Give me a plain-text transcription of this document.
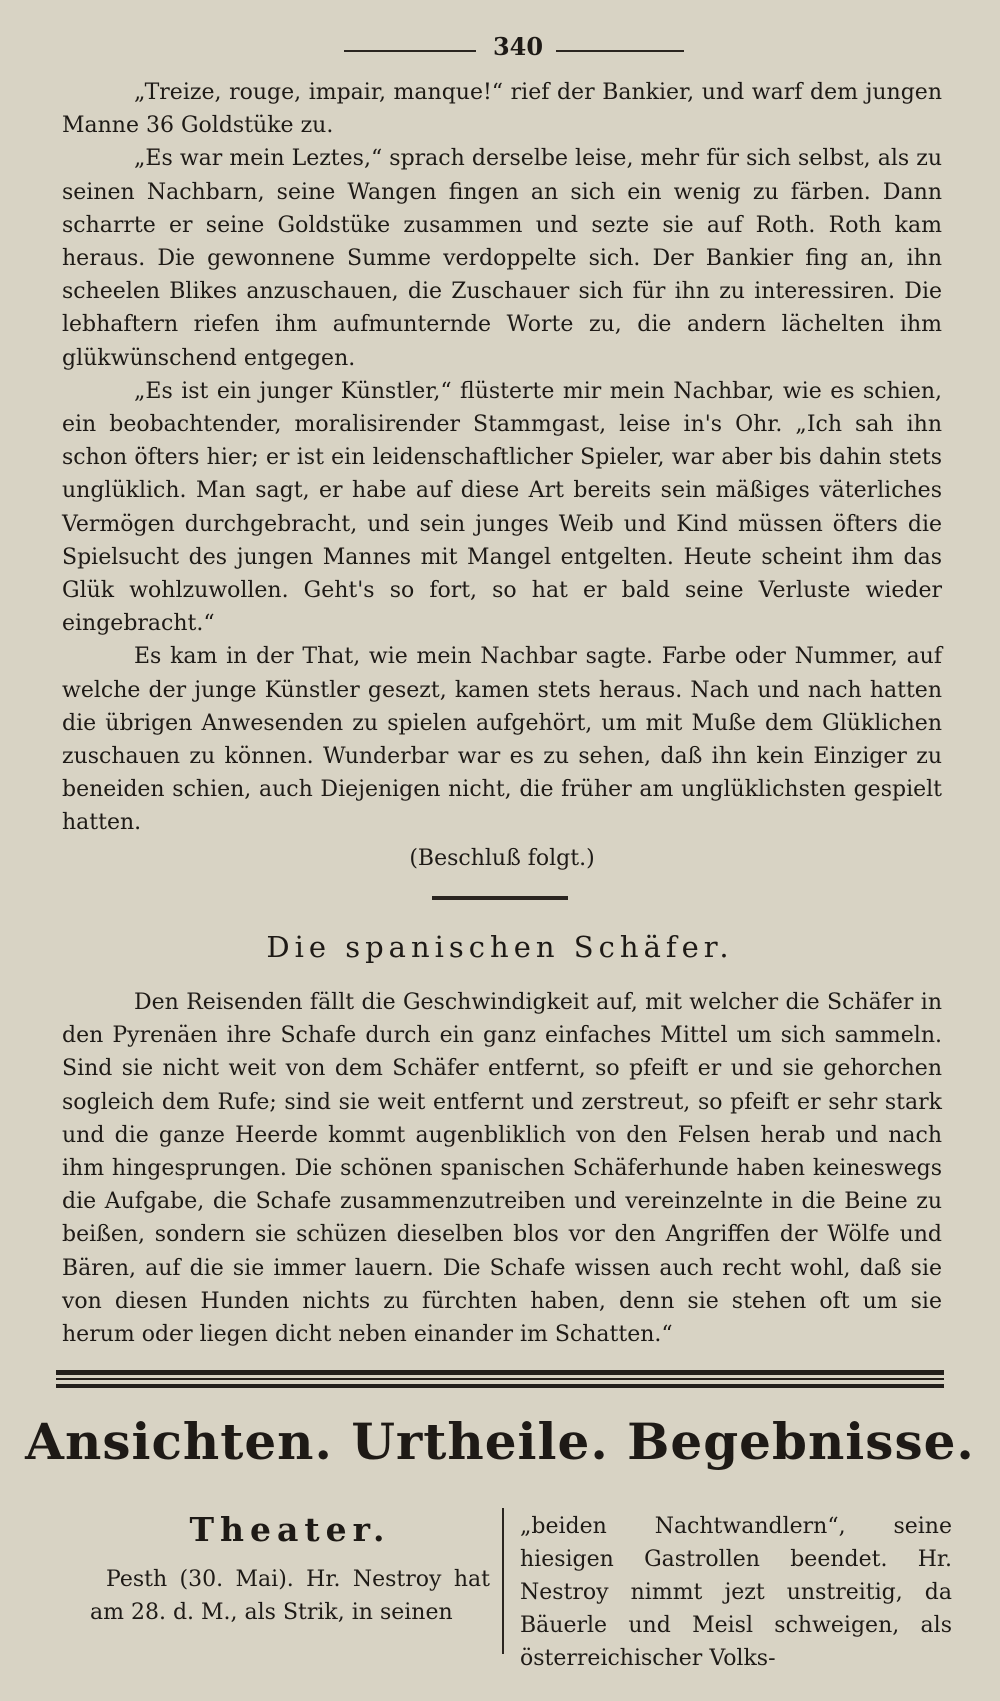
340

„Treize, rouge, impair, manque!“ rief der Bankier, und warf dem jungen Manne 36 Goldstüke zu.

„Es war mein Leztes,“ sprach derselbe leise, mehr für sich selbst, als zu seinen Nachbarn, seine Wangen fingen an sich ein wenig zu färben. Dann scharrte er seine Goldstüke zusammen und sezte sie auf Roth. Roth kam heraus. Die gewonnene Summe verdoppelte sich. Der Bankier fing an, ihn scheelen Blikes anzuschauen, die Zuschauer sich für ihn zu interessiren. Die lebhaftern riefen ihm aufmunternde Worte zu, die andern lächelten ihm glükwünschend entgegen.

„Es ist ein junger Künstler,“ flüsterte mir mein Nachbar, wie es schien, ein beobachtender, moralisirender Stammgast, leise in's Ohr. „Ich sah ihn schon öfters hier; er ist ein leidenschaftlicher Spieler, war aber bis dahin stets unglüklich. Man sagt, er habe auf diese Art bereits sein mäßiges väterliches Vermögen durchgebracht, und sein junges Weib und Kind müssen öfters die Spielsucht des jungen Mannes mit Mangel entgelten. Heute scheint ihm das Glük wohlzuwollen. Geht's so fort, so hat er bald seine Verluste wieder eingebracht.“

Es kam in der That, wie mein Nachbar sagte. Farbe oder Nummer, auf welche der junge Künstler gesezt, kamen stets heraus. Nach und nach hatten die übrigen Anwesenden zu spielen aufgehört, um mit Muße dem Glüklichen zuschauen zu können. Wunderbar war es zu sehen, daß ihn kein Einziger zu beneiden schien, auch Diejenigen nicht, die früher am unglüklichsten gespielt hatten.

(Beschluß folgt.)

Die spanischen Schäfer.

Den Reisenden fällt die Geschwindigkeit auf, mit welcher die Schäfer in den Pyrenäen ihre Schafe durch ein ganz einfaches Mittel um sich sammeln. Sind sie nicht weit von dem Schäfer entfernt, so pfeift er und sie gehorchen sogleich dem Rufe; sind sie weit entfernt und zerstreut, so pfeift er sehr stark und die ganze Heerde kommt augenbliklich von den Felsen herab und nach ihm hingesprungen. Die schönen spanischen Schäferhunde haben keineswegs die Aufgabe, die Schafe zusammenzutreiben und vereinzelnte in die Beine zu beißen, sondern sie schüzen dieselben blos vor den Angriffen der Wölfe und Bären, auf die sie immer lauern. Die Schafe wissen auch recht wohl, daß sie von diesen Hunden nichts zu fürchten haben, denn sie stehen oft um sie herum oder liegen dicht neben einander im Schatten.“

Ansichten. Urtheile. Begebnisse.
Theater.

Pesth (30. Mai). Hr. Nestroy hat am 28. d. M., als Strik, in seinen

„beiden Nachtwandlern“, seine hiesigen Gastrollen beendet. Hr. Nestroy nimmt jezt unstreitig, da Bäuerle und Meisl schweigen, als österreichischer Volks-
